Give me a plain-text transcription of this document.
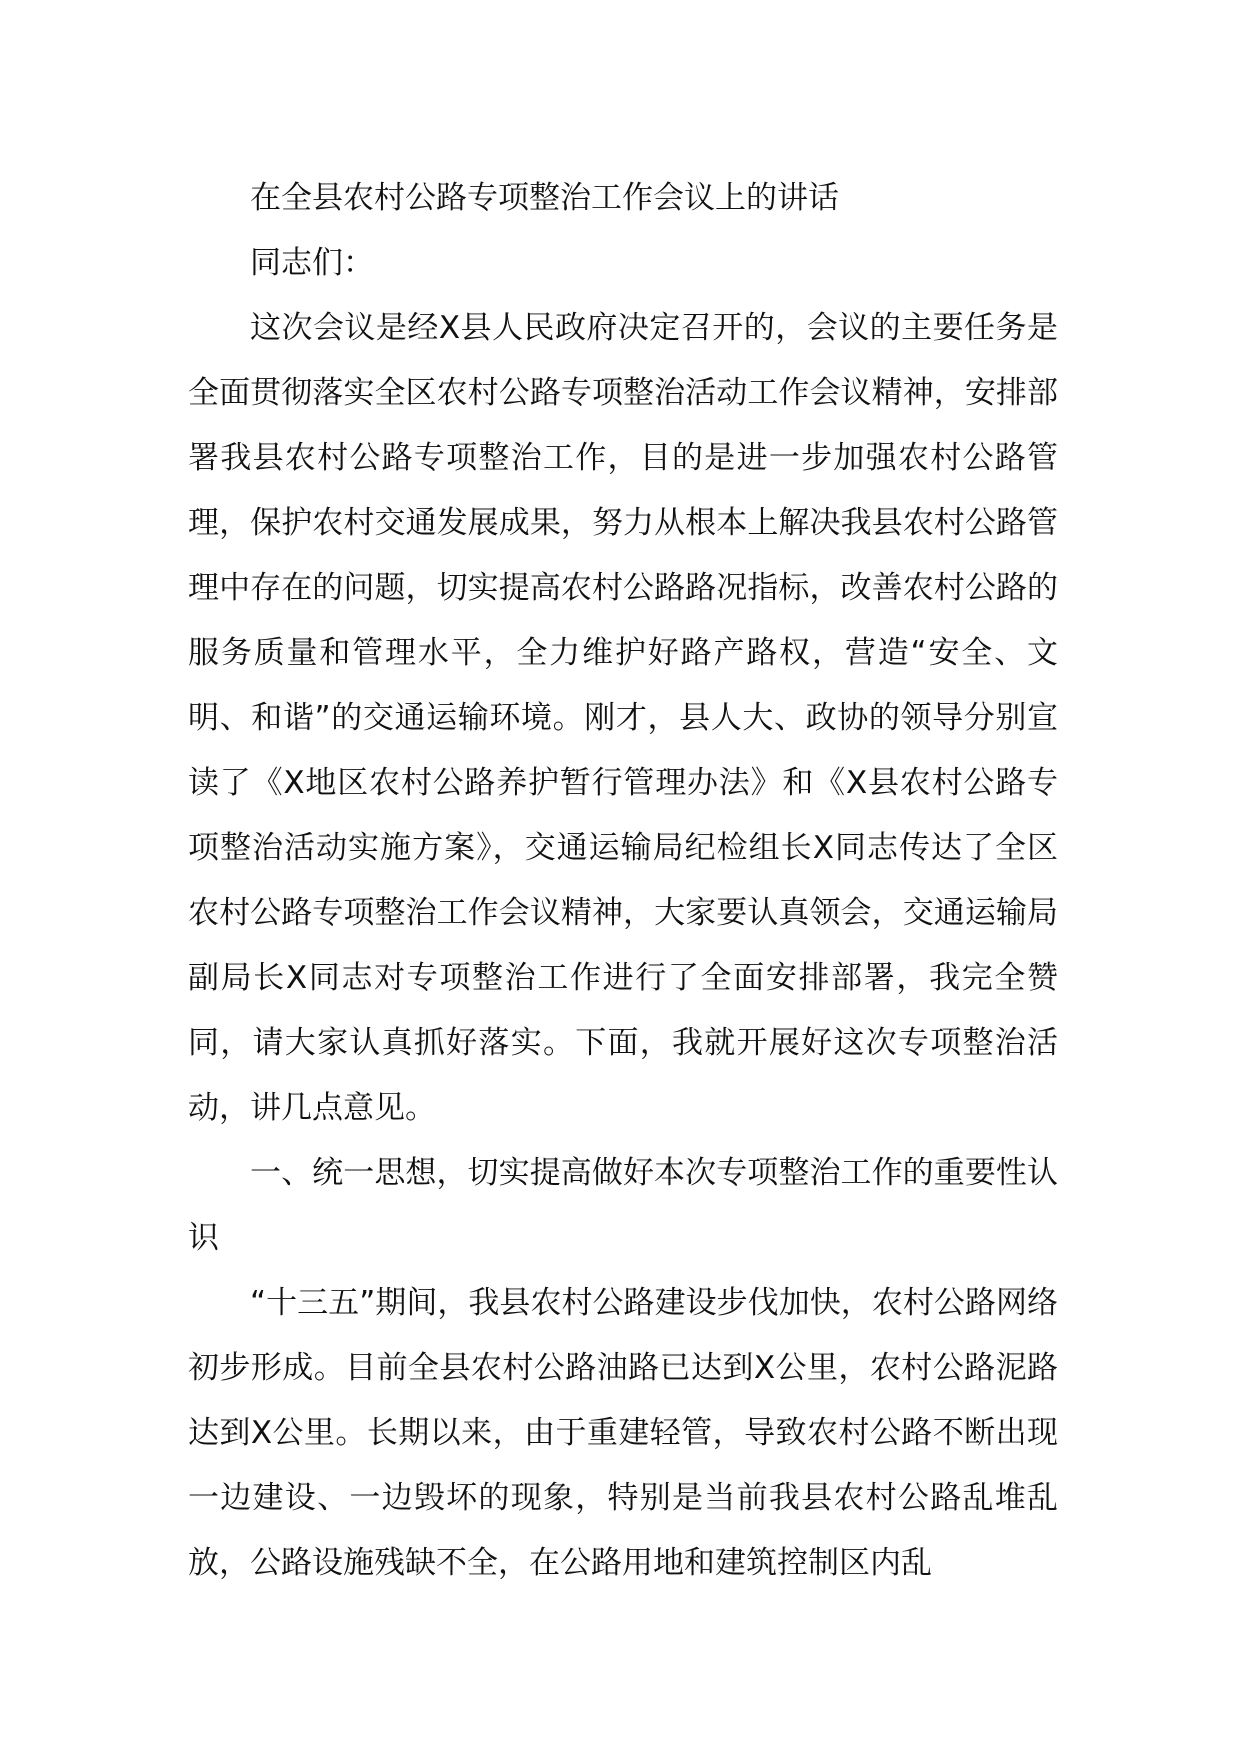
在全县农村公路专项整治工作会议上的讲话

同志们：

这次会议是经X县人民政府决定召开的，会议的主要任务是全面贯彻落实全区农村公路专项整治活动工作会议精神，安排部署我县农村公路专项整治工作，目的是进一步加强农村公路管理，保护农村交通发展成果，努力从根本上解决我县农村公路管理中存在的问题，切实提高农村公路路况指标，改善农村公路的服务质量和管理水平，全力维护好路产路权，营造“安全、文明、和谐”的交通运输环境。刚才，县人大、政协的领导分别宣读了《X地区农村公路养护暂行管理办法》和《X县农村公路专项整治活动实施方案》，交通运输局纪检组长X同志传达了全区农村公路专项整治工作会议精神，大家要认真领会，交通运输局副局长X同志对专项整治工作进行了全面安排部署，我完全赞同，请大家认真抓好落实。下面，我就开展好这次专项整治活动，讲几点意见。

一、统一思想，切实提高做好本次专项整治工作的重要性认识

“十三五”期间，我县农村公路建设步伐加快，农村公路网络初步形成。目前全县农村公路油路已达到X公里，农村公路泥路达到X公里。长期以来，由于重建轻管，导致农村公路不断出现一边建设、一边毁坏的现象，特别是当前我县农村公路乱堆乱放，公路设施残缺不全，在公路用地和建筑控制区内乱
